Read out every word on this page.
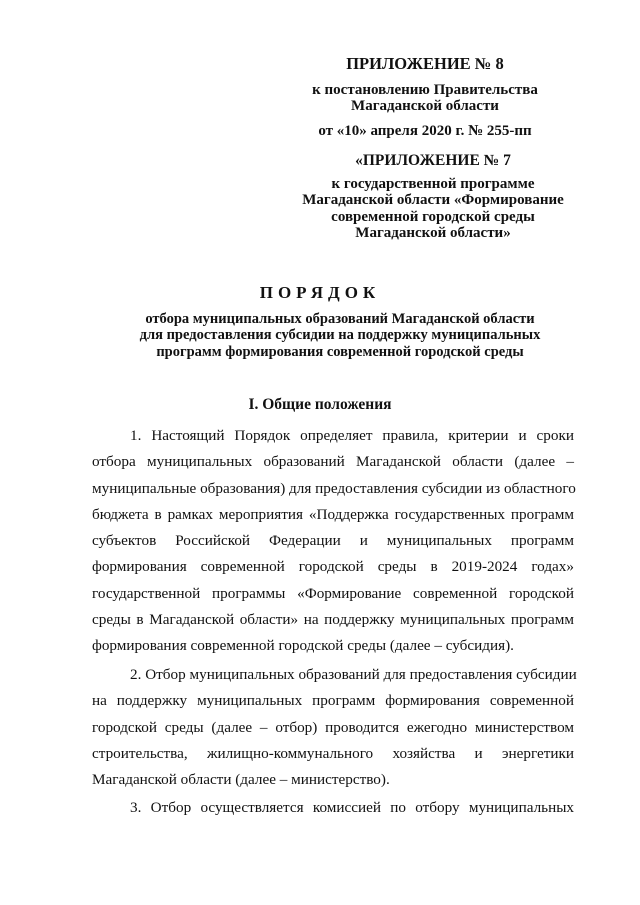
ПРИЛОЖЕНИЕ № 8
к постановлению Правительства
Магаданской области
от «10» апреля 2020 г. № 255-пп
«ПРИЛОЖЕНИЕ № 7
к государственной программе
Магаданской области «Формирование
современной городской среды
Магаданской области»
ПОРЯДОК
отбора муниципальных образований Магаданской области
для предоставления субсидии на поддержку муниципальных
программ формирования современной городской среды
I. Общие положения

1. Настоящий Порядок определяет правила, критерии и сроки

отбора муниципальных образований Магаданской области (далее –

муниципальные образования) для предоставления субсидии из областного

бюджета в рамках мероприятия «Поддержка государственных программ

субъектов Российской Федерации и муниципальных программ

формирования современной городской среды в 2019-2024 годах»

государственной программы «Формирование современной городской

среды в Магаданской области» на поддержку муниципальных программ

формирования современной городской среды (далее – субсидия).

2. Отбор муниципальных образований для предоставления субсидии

на поддержку муниципальных программ формирования современной

городской среды (далее – отбор) проводится ежегодно министерством

строительства, жилищно-коммунального хозяйства и энергетики

Магаданской области (далее – министерство).

3. Отбор осуществляется комиссией по отбору муниципальных
